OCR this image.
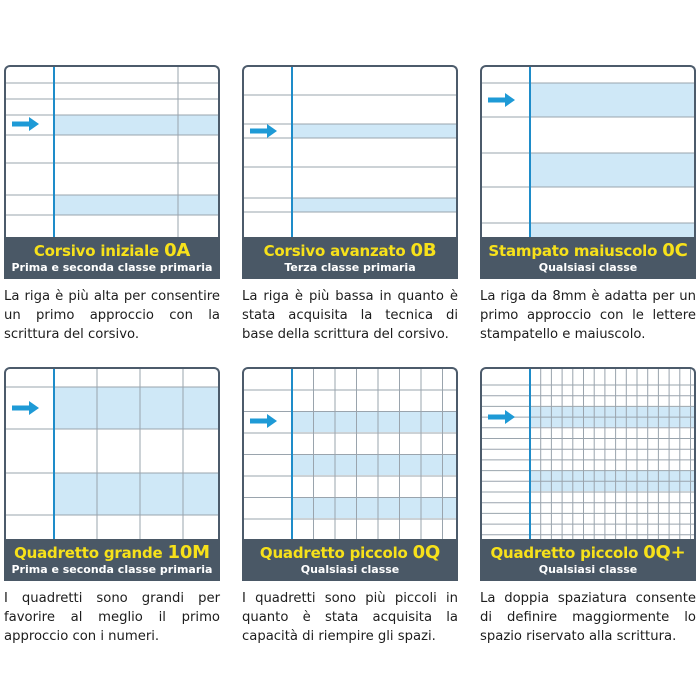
Corsivo iniziale 0A
Prima e seconda classe primaria
La riga è più alta per consentire un primo approccio con la scrittura del corsivo.
Corsivo avanzato 0B
Terza classe primaria
La riga è più bassa in quanto è stata acquisita la tecnica di base della scrittura del corsivo.
Stampato maiuscolo 0C
Qualsiasi classe
La riga da 8mm è adatta per un primo approccio con le lettere stampatello e maiuscolo.
Quadretto grande 10M
Prima e seconda classe primaria
I quadretti sono grandi per favorire al meglio il primo approccio con i numeri.
Quadretto piccolo 0Q
Qualsiasi classe
I quadretti sono più piccoli in quanto è stata acquisita la capacità di riempire gli spazi.
Quadretto piccolo 0Q+
Qualsiasi classe
La doppia spaziatura consente di definire maggiormente lo spazio riservato alla scrittura.
